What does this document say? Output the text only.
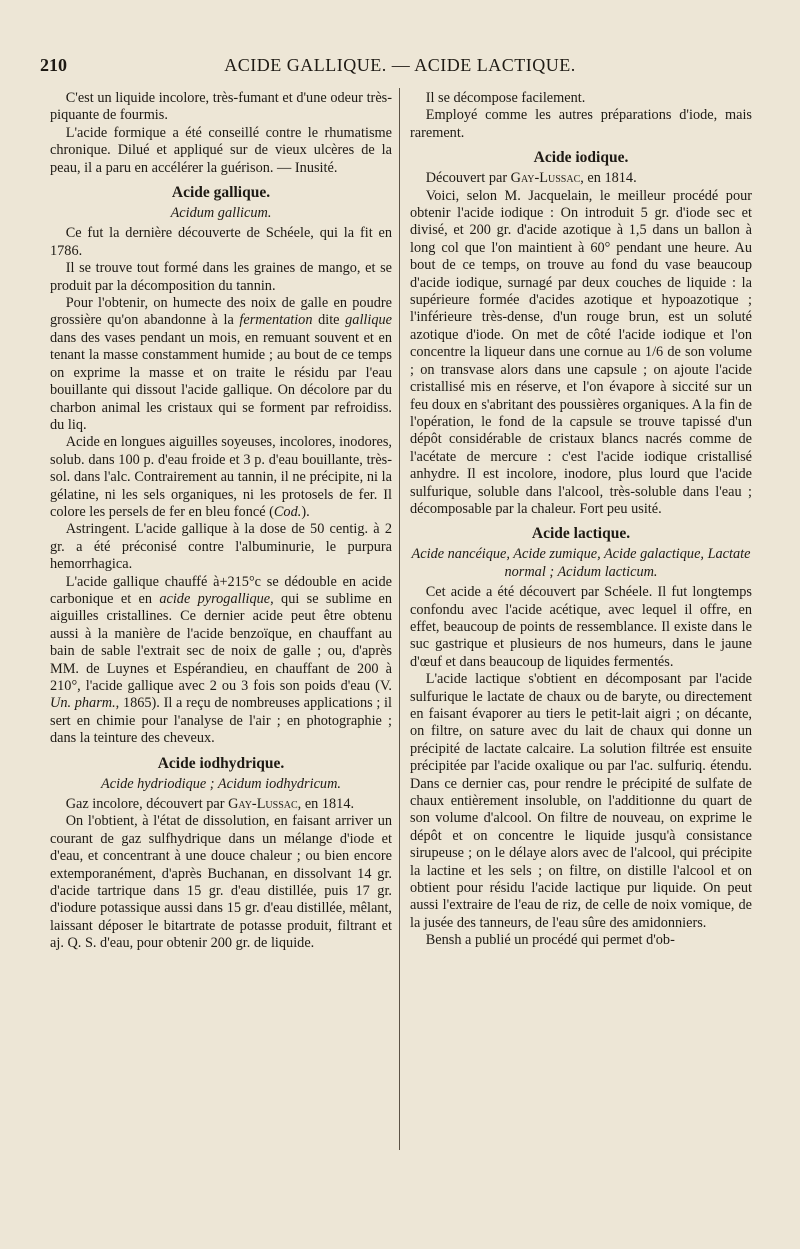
210	ACIDE GALLIQUE. — ACIDE LACTIQUE.

C'est un liquide incolore, très-fumant et d'une odeur très-piquante de fourmis.

L'acide formique a été conseillé contre le rhumatisme chronique. Dilué et appliqué sur de vieux ulcères de la peau, il a paru en accélérer la guérison. — Inusité.

Acide gallique.

Acidum gallicum.

Ce fut la dernière découverte de Schéele, qui la fit en 1786.

Il se trouve tout formé dans les graines de mango, et se produit par la décomposition du tannin.

Pour l'obtenir, on humecte des noix de galle en poudre grossière qu'on abandonne à la fermentation dite gallique dans des vases pendant un mois, en remuant souvent et en tenant la masse constamment humide ; au bout de ce temps on exprime la masse et on traite le résidu par l'eau bouillante qui dissout l'acide gallique. On décolore par du charbon animal les cristaux qui se forment par refroidiss. du liq.

Acide en longues aiguilles soyeuses, incolores, inodores, solub. dans 100 p. d'eau froide et 3 p. d'eau bouillante, très-sol. dans l'alc. Contrairement au tannin, il ne précipite, ni la gélatine, ni les sels organiques, ni les protosels de fer. Il colore les persels de fer en bleu foncé (Cod.).

Astringent. L'acide gallique à la dose de 50 centig. à 2 gr. a été préconisé contre l'albuminurie, le purpura hemorrhagica.

L'acide gallique chauffé à+215°c se dédouble en acide carbonique et en acide pyrogallique, qui se sublime en aiguilles cristallines. Ce dernier acide peut être obtenu aussi à la manière de l'acide benzoïque, en chauffant au bain de sable l'extrait sec de noix de galle ; ou, d'après MM. de Luynes et Espérandieu, en chauffant de 200 à 210°, l'acide gallique avec 2 ou 3 fois son poids d'eau (V. Un. pharm., 1865). Il a reçu de nombreuses applications ; il sert en chimie pour l'analyse de l'air ; en photographie ; dans la teinture des cheveux.

Acide iodhydrique.

Acide hydriodique ; Acidum iodhydricum.

Gaz incolore, découvert par Gay-Lussac, en 1814.

On l'obtient, à l'état de dissolution, en faisant arriver un courant de gaz sulfhydrique dans un mélange d'iode et d'eau, et concentrant à une douce chaleur ; ou bien encore extemporanément, d'après Buchanan, en dissolvant 14 gr. d'acide tartrique dans 15 gr. d'eau distillée, puis 17 gr. d'iodure potassique aussi dans 15 gr. d'eau distillée, mêlant, laissant déposer le bitartrate de potasse produit, filtrant et aj. Q. S. d'eau, pour obtenir 200 gr. de liquide.

Il se décompose facilement.

Employé comme les autres préparations d'iode, mais rarement.

Acide iodique.

Découvert par Gay-Lussac, en 1814.

Voici, selon M. Jacquelain, le meilleur procédé pour obtenir l'acide iodique : On introduit 5 gr. d'iode sec et divisé, et 200 gr. d'acide azotique à 1,5 dans un ballon à long col que l'on maintient à 60° pendant une heure. Au bout de ce temps, on trouve au fond du vase beaucoup d'acide iodique, surnagé par deux couches de liquide : la supérieure formée d'acides azotique et hypoazotique ; l'inférieure très-dense, d'un rouge brun, est un soluté azotique d'iode. On met de côté l'acide iodique et l'on concentre la liqueur dans une cornue au 1/6 de son volume ; on transvase alors dans une capsule ; on ajoute l'acide cristallisé mis en réserve, et l'on évapore à siccité sur un feu doux en s'abritant des poussières organiques. A la fin de l'opération, le fond de la capsule se trouve tapissé d'un dépôt considérable de cristaux blancs nacrés comme de l'acétate de mercure : c'est l'acide iodique cristallisé anhydre. Il est incolore, inodore, plus lourd que l'acide sulfurique, soluble dans l'alcool, très-soluble dans l'eau ; décomposable par la chaleur. Fort peu usité.

Acide lactique.

Acide nancéique, Acide zumique, Acide galactique, Lactate normal ; Acidum lacticum.

Cet acide a été découvert par Schéele. Il fut longtemps confondu avec l'acide acétique, avec lequel il offre, en effet, beaucoup de points de ressemblance. Il existe dans le suc gastrique et plusieurs de nos humeurs, dans le jaune d'œuf et dans beaucoup de liquides fermentés.

L'acide lactique s'obtient en décomposant par l'acide sulfurique le lactate de chaux ou de baryte, ou directement en faisant évaporer au tiers le petit-lait aigri ; on décante, on filtre, on sature avec du lait de chaux qui donne un précipité de lactate calcaire. La solution filtrée est ensuite précipitée par l'acide oxalique ou par l'ac. sulfuriq. étendu. Dans ce dernier cas, pour rendre le précipité de sulfate de chaux entièrement insoluble, on l'additionne du quart de son volume d'alcool. On filtre de nouveau, on exprime le dépôt et on concentre le liquide jusqu'à consistance sirupeuse ; on le délaye alors avec de l'alcool, qui précipite la lactine et les sels ; on filtre, on distille l'alcool et on obtient pour résidu l'acide lactique pur liquide. On peut aussi l'extraire de l'eau de riz, de celle de noix vomique, de la jusée des tanneurs, de l'eau sûre des amidonniers.

Bensh a publié un procédé qui permet d'ob-
